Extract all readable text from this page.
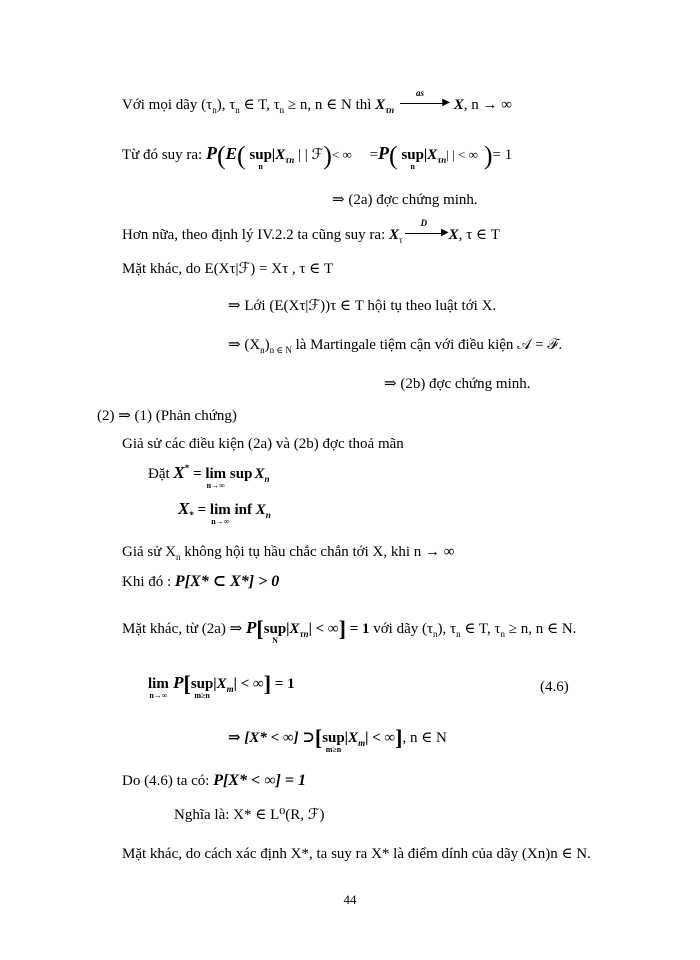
Với mọi dãy $(\tau_n)$, $\tau_n$ ∈ T, $\tau_n \ge n$, n ∈ N thì $X_{\tau n}$
as
▶ X, n → ∞
Từ đó suy ra: P(E( sup
n
$|X_{\tau n}$ | | ℱ)< ∞ =P( sup
n
$|X_{\tau n}|$ | < ∞ )= 1
⇒ (2a) đợc chứng minh.
Hơn nữa, theo định lý IV.2.2 ta cũng suy ra: $X_\tau$
D
▶ X, τ ∈ T
Mặt khác, do E(Xτ|ℱ) = Xτ , τ ∈ T
⇒ Lới (E(Xτ|ℱ))τ ∈ T hội tụ theo luật tới X.
⇒ $(X_n)_{n \in N}$ là Martingale tiệm cận với điều kiện 𝒜 = ℱ.
⇒ (2b) đợc chứng minh.
(2) ⇒ (1) (Phản chứng)
Giả sử các điều kiện (2a) và (2b) đợc thoả mãn
Đặt X* = lim
n→∞
sup $X_n$
$X_* = \lim$
n→∞
inf $X_n$
Giả sử $X_n$ không hội tụ hầu chắc chắn tới X, khi n → ∞
Khi đó : P[X* ⊂ X*] > 0
Mặt khác, từ (2a) ⇒ P[ sup
N
$|X_{\tau n}|$ < ∞] = 1 với dãy $(\tau_n)$, $\tau_n$ ∈ T, $\tau_n \ge n$, n ∈ N.
lim
n→∞
P[ sup
m≥n
$|X_m|$ < ∞] = 1	(4.6)
⇒ [X* < ∞] ⊃[ sup
m≥n
$|X_m|$ < ∞], n ∈ N
Do (4.6) ta có: P[X* < ∞] = 1
Nghĩa là: X* ∈ L⁰(R, ℱ)
Mặt khác, do cách xác định X*, ta suy ra X* là điểm dính của dãy (Xn)n ∈ N.
44
